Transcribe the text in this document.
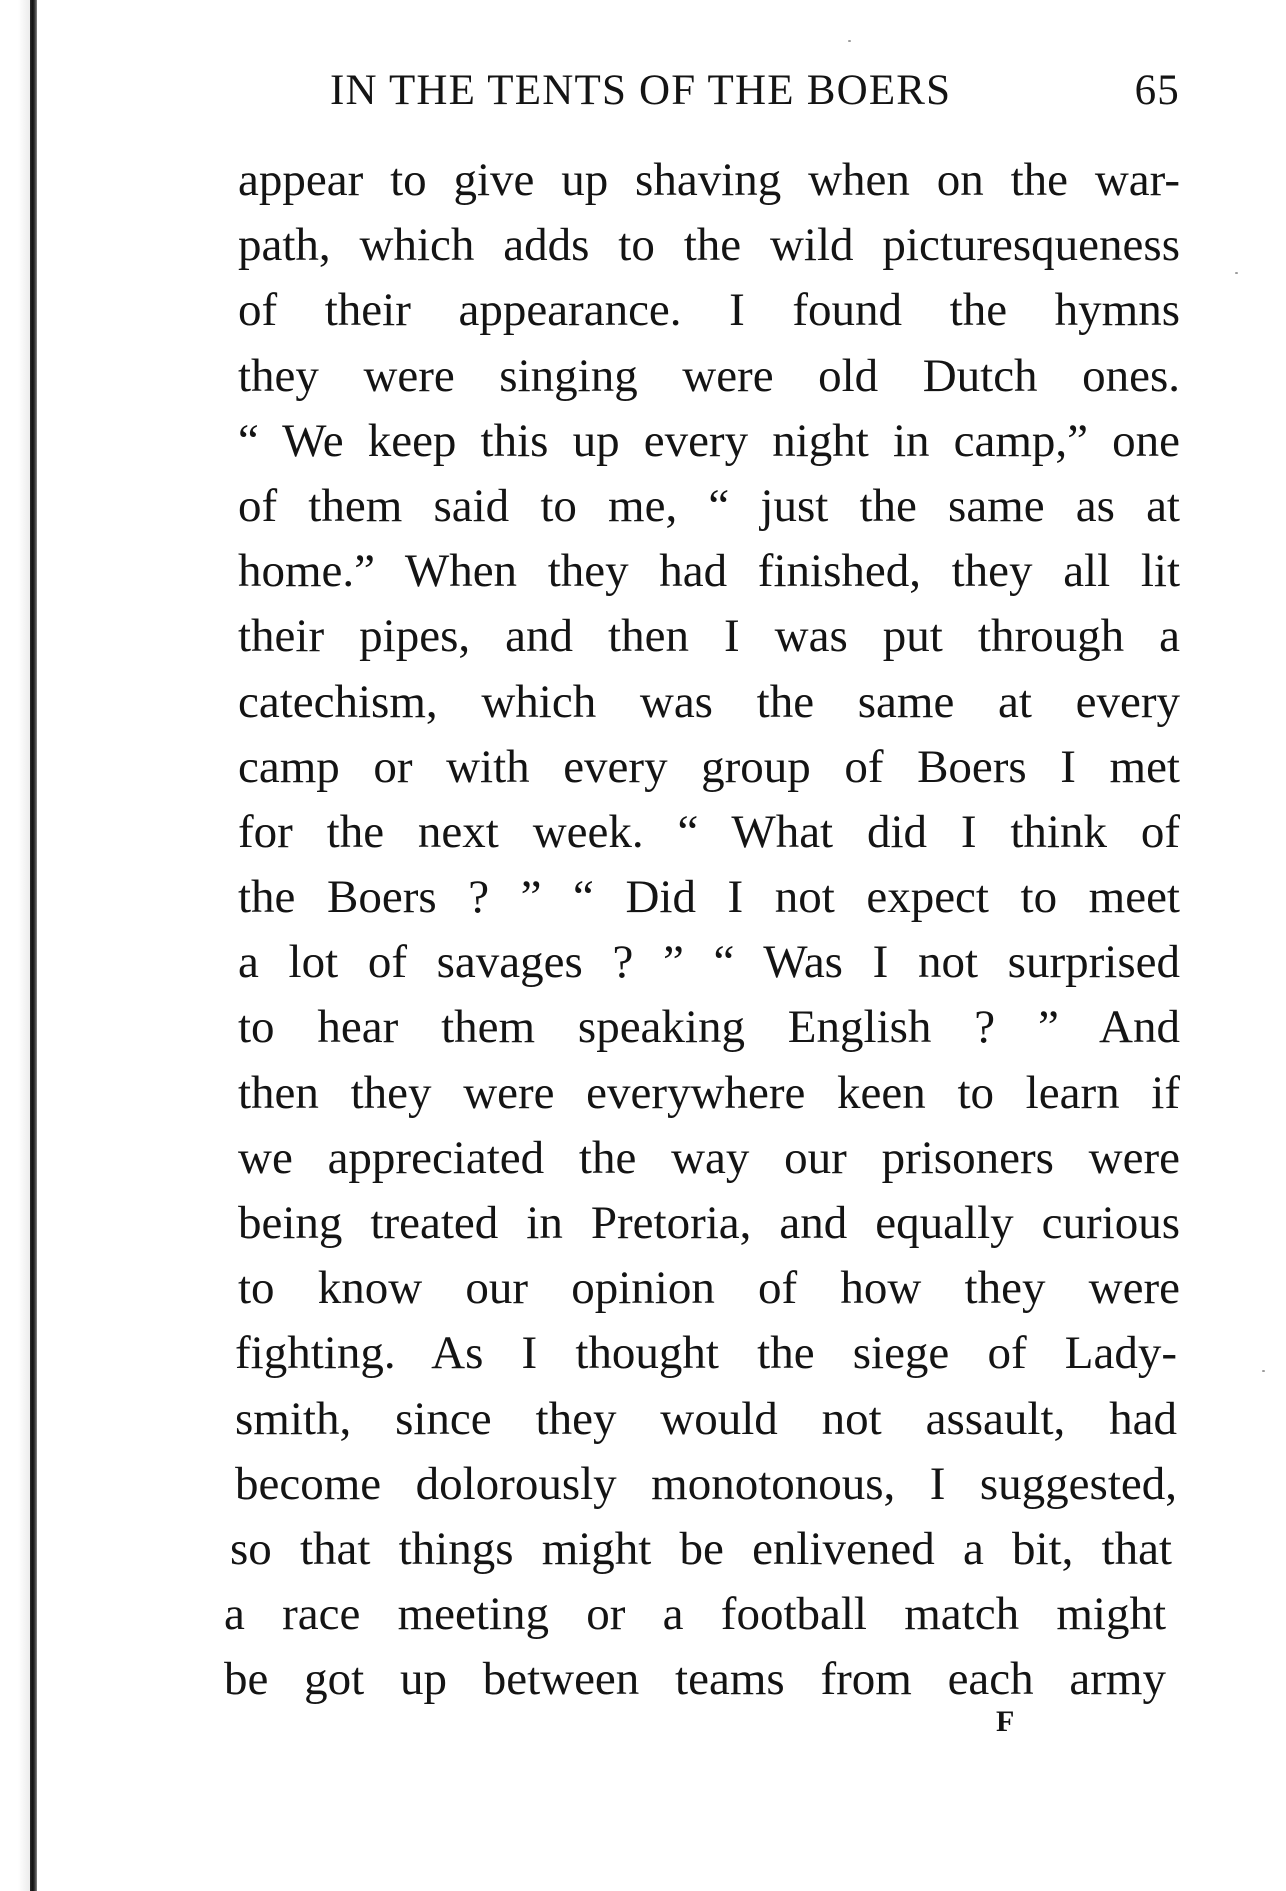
IN THE TENTS OF THE BOERS	65
appear to give up shaving when on the war-
path, which adds to the wild picturesqueness
of their appearance. I found the hymns
they were singing were old Dutch ones.
“ We keep this up every night in camp,” one
of them said to me, “ just the same as at
home.” When they had finished, they all lit
their pipes, and then I was put through a
catechism, which was the same at every
camp or with every group of Boers I met
for the next week. “ What did I think of
the Boers ? ” “ Did I not expect to meet
a lot of savages ? ” “ Was I not surprised
to hear them speaking English ? ” And
then they were everywhere keen to learn if
we appreciated the way our prisoners were
being treated in Pretoria, and equally curious
to know our opinion of how they were
fighting. As I thought the siege of Lady-
smith, since they would not assault, had
become dolorously monotonous, I suggested,
so that things might be enlivened a bit, that
a race meeting or a football match might
be got up between teams from each army
F
